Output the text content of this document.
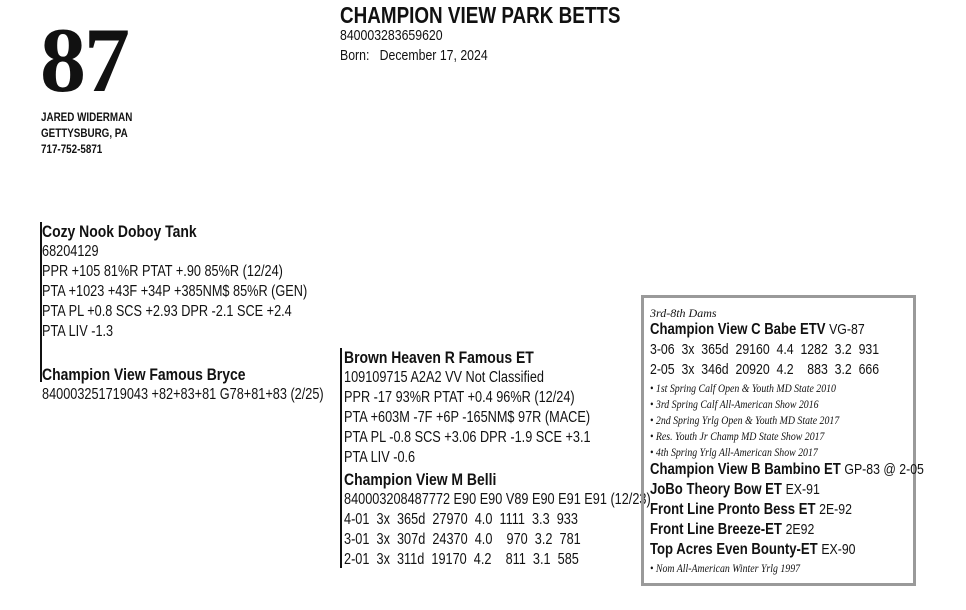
87
JARED WIDERMAN
GETTYSBURG, PA
717-752-5871
CHAMPION VIEW PARK BETTS
840003283659620
Born: December 17, 2024
Cozy Nook Doboy Tank
68204129
PPR +105 81%R PTAT +.90 85%R (12/24)
PTA +1023 +43F +34P +385NM$ 85%R (GEN)
PTA PL +0.8 SCS +2.93 DPR -2.1 SCE +2.4
PTA LIV -1.3
Champion View Famous Bryce
840003251719043 +82+83+81 G78+81+83 (2/25)
Brown Heaven R Famous ET
109109715 A2A2 VV Not Classified
PPR -17 93%R PTAT +0.4 96%R (12/24)
PTA +603M -7F +6P -165NM$ 97R (MACE)
PTA PL -0.8 SCS +3.06 DPR -1.9 SCE +3.1
PTA LIV -0.6
Champion View M Belli
840003208487772 E90 E90 V89 E90 E91 E91 (12/23)
4-01  3x  365d  27970  4.0  1111  3.3  933
3-01  3x  307d  24370  4.0    970  3.2  781
2-01  3x  311d  19170  4.2    811  3.1  585
3rd-8th Dams
Champion View C Babe ETV VG-87
3-06  3x  365d  29160  4.4  1282  3.2  931
2-05  3x  346d  20920  4.2    883  3.2  666
• 1st Spring Calf Open & Youth MD State 2010
• 3rd Spring Calf All-American Show 2016
• 2nd Spring Yrlg Open & Youth MD State 2017
• Res. Youth Jr Champ MD State Show 2017
• 4th Spring Yrlg All-American Show 2017
Champion View B Bambino ET GP-83 @ 2-05
JoBo Theory Bow ET EX-91
Front Line Pronto Bess ET 2E-92
Front Line Breeze-ET 2E92
Top Acres Even Bounty-ET EX-90
• Nom All-American Winter Yrlg 1997
